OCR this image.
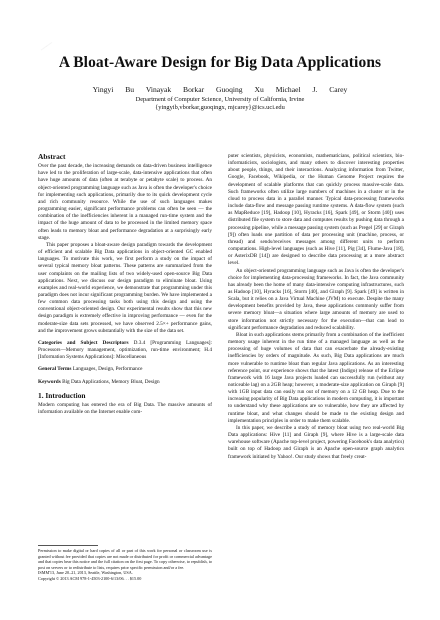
──
A Bloat-Aware Design for Big Data Applications
Yingyi Bu Vinayak Borkar Guoqing Xu Michael J. Carey
Department of Computer Science, University of California, Irvine
{yingyib,vborkar,guoqingx, mjcarey}@ics.uci.edu
Abstract

Over the past decade, the increasing demands on data-driven business intelligence have led to the proliferation of large-scale, data-intensive applications that often have huge amounts of data (often at terabyte or petabyte scale) to process. An object-oriented programming language such as Java is often the developer's choice for implementing such applications, primarily due to its quick development cycle and rich community resource. While the use of such languages makes programming easier, significant performance problems can often be seen — the combination of the inefficiencies inherent in a managed run-time system and the impact of the huge amount of data to be processed in the limited memory space often leads to memory bloat and performance degradation at a surprisingly early stage.

This paper proposes a bloat-aware design paradigm towards the development of efficient and scalable Big Data applications in object-oriented GC enabled languages. To motivate this work, we first perform a study on the impact of several typical memory bloat patterns. These patterns are summarized from the user complaints on the mailing lists of two widely-used open-source Big Data applications. Next, we discuss our design paradigm to eliminate bloat. Using examples and real-world experience, we demonstrate that programming under this paradigm does not incur significant programming burden. We have implemented a few common data processing tasks both using this design and using the conventional object-oriented design. Our experimental results show that this new design paradigm is extremely effective in improving performance — even for the moderate-size data sets processed, we have observed 2.5×+ performance gains, and the improvement grows substantially with the size of the data set.

Categories and Subject Descriptors D.3.4 [Programming Languages]: Processors—Memory management, optimization, run-time environment; H.4 [Information Systems Applications]: Miscellaneous
General Terms Languages, Design, Performance
Keywords Big Data Applications, Memory Bloat, Design
1. Introduction

Modern computing has entered the era of Big Data. The massive amounts of information available on the Internet enable com-

Permission to make digital or hard copies of all or part of this work for personal or classroom use is granted without fee provided that copies are not made or distributed for profit or commercial advantage and that copies bear this notice and the full citation on the first page. To copy otherwise, to republish, to post on servers or to redistribute to lists, requires prior specific permission and/or a fee.

ISMM'13, June 20–21, 2013, Seattle, Washington, USA.

Copyright © 2013 ACM 978-1-4503-2100-6/13/06. . . $15.00

puter scientists, physicists, economists, mathematicians, political scientists, bio-informaticists, sociologists, and many others to discover interesting properties about people, things, and their interactions. Analyzing information from Twitter, Google, Facebook, Wikipedia, or the Human Genome Project requires the development of scalable platforms that can quickly process massive-scale data. Such frameworks often utilize large numbers of machines in a cluster or in the cloud to process data in a parallel manner. Typical data-processing frameworks include data-flow and message passing runtime systems. A data-flow system (such as MapReduce [19], Hadoop [10], Hyracks [16], Spark [49], or Storm [40]) uses distributed file system to store data and computes results by pushing data through a processing pipeline, while a message passing system (such as Pregel [29] or Giraph [9]) often loads one partition of data per processing unit (machine, process, or thread) and sends/receives messages among different units to perform computations. High-level languages (such as Hive [11], Pig [34], Flume-Java [18], or AsterixDB [14]) are designed to describe data processing at a more abstract level.

An object-oriented programming language such as Java is often the developer's choice for implementing data-processing frameworks. In fact, the Java community has already been the home of many data-intensive computing infrastructures, such as Hadoop [10], Hyracks [16], Storm [40], and Giraph [9]. Spark [49] is written in Scala, but it relies on a Java Virtual Machine (JVM) to execute. Despite the many development benefits provided by Java, these applications commonly suffer from severe memory bloat—a situation where large amounts of memory are used to store information not strictly necessary for the execution—that can lead to significant performance degradation and reduced scalability.

Bloat in such applications stems primarily from a combination of the inefficient memory usage inherent in the run time of a managed language as well as the processing of huge volumes of data that can exacerbate the already-existing inefficiencies by orders of magnitude. As such, Big Data applications are much more vulnerable to runtime bloat than regular Java applications. As an interesting reference point, our experience shows that the latest (Indigo) release of the Eclipse framework with 16 large Java projects loaded can successfully run (without any noticeable lag) on a 2GB heap; however, a moderate-size application on Giraph [9] with 1GB input data can easily run out of memory on a 12 GB heap. Due to the increasing popularity of Big Data applications in modern computing, it is important to understand why these applications are so vulnerable, how they are affected by runtime bloat, and what changes should be made to the existing design and implementation principles in order to make them scalable.

In this paper, we describe a study of memory bloat using two real-world Big Data applications: Hive [11] and Giraph [9], where Hive is a large-scale data warehouse software (Apache top-level project, powering Facebook's data analytics) built on top of Hadoop and Giraph is an Apache open-source graph analytics framework initiated by Yahoo!. Our study shows that freely creat-
